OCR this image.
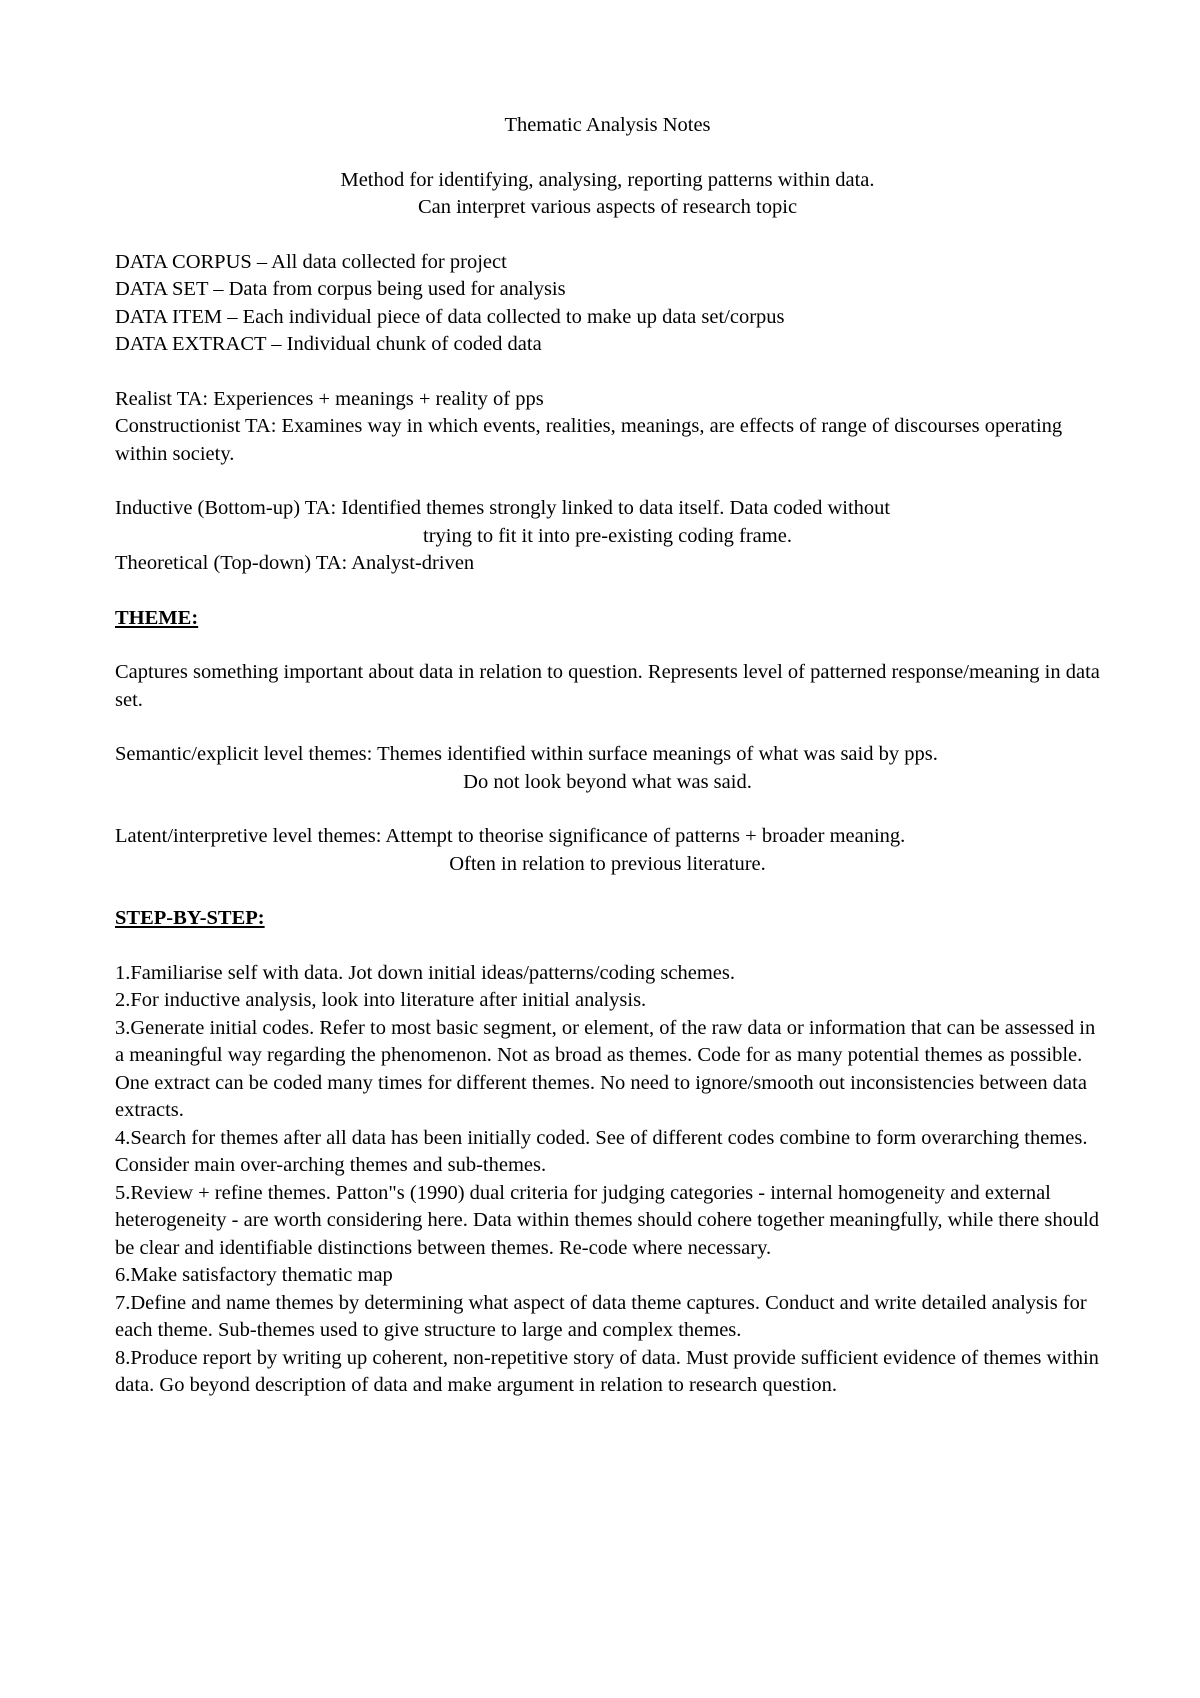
Thematic Analysis Notes

Method for identifying, analysing, reporting patterns within data.

Can interpret various aspects of research topic

DATA CORPUS – All data collected for project

DATA SET – Data from corpus being used for analysis

DATA ITEM – Each individual piece of data collected to make up data set/corpus

DATA EXTRACT – Individual chunk of coded data

Realist TA: Experiences + meanings + reality of pps

Constructionist TA: Examines way in which events, realities, meanings, are effects of range of discourses operating within society.

Inductive (Bottom-up) TA: Identified themes strongly linked to data itself. Data coded without

trying to fit it into pre-existing coding frame.

Theoretical (Top-down) TA: Analyst-driven

THEME:

Captures something important about data in relation to question. Represents level of patterned response/meaning in data set.

Semantic/explicit level themes: Themes identified within surface meanings of what was said by pps.

Do not look beyond what was said.

Latent/interpretive level themes: Attempt to theorise significance of patterns + broader meaning.

Often in relation to previous literature.

STEP-BY-STEP:

1.Familiarise self with data. Jot down initial ideas/patterns/coding schemes.

2.For inductive analysis, look into literature after initial analysis.

3.Generate initial codes. Refer to most basic segment, or element, of the raw data or information that can be assessed in a meaningful way regarding the phenomenon. Not as broad as themes. Code for as many potential themes as possible. One extract can be coded many times for different themes. No need to ignore/smooth out inconsistencies between data extracts.

4.Search for themes after all data has been initially coded. See of different codes combine to form overarching themes. Consider main over-arching themes and sub-themes.

5.Review + refine themes. Patton"s (1990) dual criteria for judging categories - internal homogeneity and external heterogeneity - are worth considering here. Data within themes should cohere together meaningfully, while there should be clear and identifiable distinctions between themes. Re-code where necessary.

6.Make satisfactory thematic map

7.Define and name themes by determining what aspect of data theme captures. Conduct and write detailed analysis for each theme. Sub-themes used to give structure to large and complex themes.

8.Produce report by writing up coherent, non-repetitive story of data. Must provide sufficient evidence of themes within data. Go beyond description of data and make argument in relation to research question.
